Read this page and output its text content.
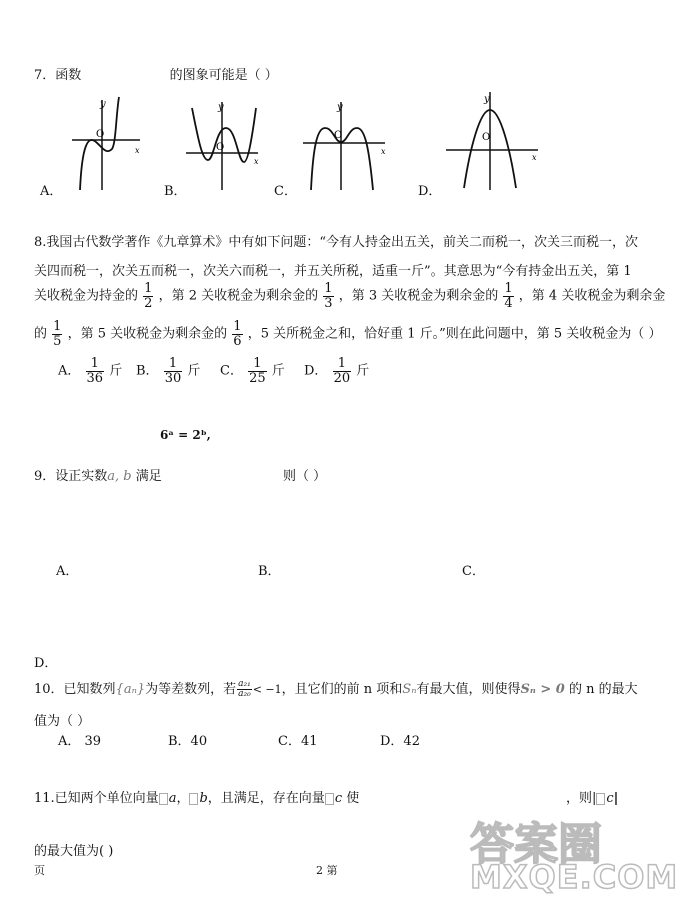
7．函数	的图象可能是（ ）
y
x
O
A．
y
x
O
B．
y
x
O
C．
y
x
O
D．
8.我国古代数学著作《九章算术》中有如下问题：“今有人持金出五关，前关二而税一，次关三而税一，次
关四而税一，次关五而税一，次关六而税一，并五关所税，适重一斤”。其意思为“今有持金出五关，第 1
关收税金为持金的 $\frac{1}{2}$ ，第 2 关收税金为剩余金的 $\frac{1}{3}$ ，第 3 关收税金为剩余金的 $\frac{1}{4}$ ，第 4 关收税金为剩余金
的 $\frac{1}{5}$ ，第 5 关收税金为剩余金的 $\frac{1}{6}$ ，5 关所税金之和，恰好重 1 斤。”则在此问题中，第 5 关收税金为（ ）
A． $\frac{1}{36}$ 斤 B． $\frac{1}{30}$ 斤 C． $\frac{1}{25}$ 斤 D． $\frac{1}{20}$ 斤
6ᵃ = 2ᵇ,
9．设正实数a, b 满足	则（ ）
A．	B．	C．
D．
10．已知数列{aₙ}为等差数列，若 $\frac{\text{a₂₁}}{\text{a₂₀}} < -1$，且它们的前 n 项和Sₙ有最大值，则使得Sₙ > 0 的 n 的最大
值为（ ）
A． 39	B．40	C．41	D．42
11.已知两个单位向量 a， b，且满足，存在向量 c 使	，则| c|
的最大值为( )
页	2 第
答案圈
MXQE.COM
